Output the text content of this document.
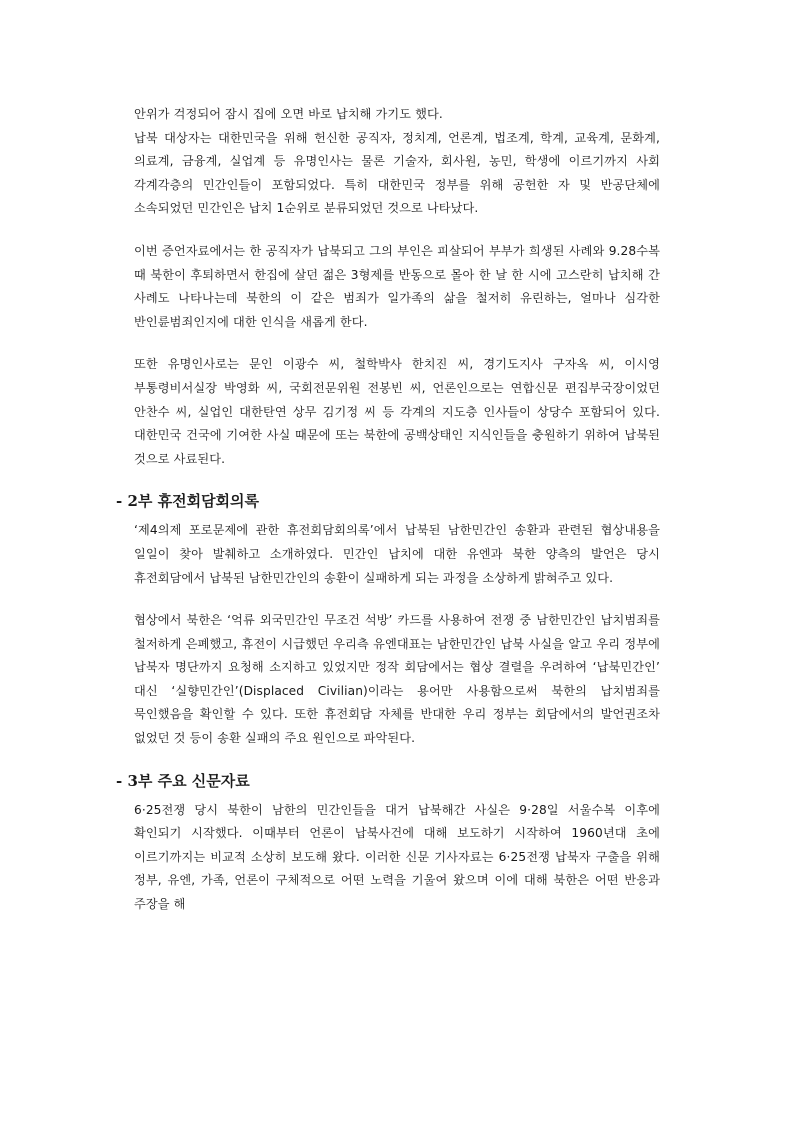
안위가 걱정되어 잠시 집에 오면 바로 납치해 가기도 했다.

납북 대상자는 대한민국을 위해 헌신한 공직자, 정치계, 언론계, 법조계, 학계, 교육계, 문화계, 의료계, 금융계, 실업계 등 유명인사는 물론 기술자, 회사원, 농민, 학생에 이르기까지 사회 각계각층의 민간인들이 포함되었다. 특히 대한민국 정부를 위해 공헌한 자 및 반공단체에 소속되었던 민간인은 납치 1순위로 분류되었던 것으로 나타났다.

이번 증언자료에서는 한 공직자가 납북되고 그의 부인은 피살되어 부부가 희생된 사례와 9.28수복 때 북한이 후퇴하면서 한집에 살던 젊은 3형제를 반동으로 몰아 한 날 한 시에 고스란히 납치해 간 사례도 나타나는데 북한의 이 같은 범죄가 일가족의 삶을 철저히 유린하는, 얼마나 심각한 반인륜범죄인지에 대한 인식을 새롭게 한다.

또한 유명인사로는 문인 이광수 씨, 철학박사 한치진 씨, 경기도지사 구자옥 씨, 이시영 부통령비서실장 박영화 씨, 국회전문위원 전봉빈 씨, 언론인으로는 연합신문 편집부국장이었던 안찬수 씨, 실업인 대한탄연 상무 김기정 씨 등 각계의 지도층 인사들이 상당수 포함되어 있다. 대한민국 건국에 기여한 사실 때문에 또는 북한에 공백상태인 지식인들을 충원하기 위하여 납북된 것으로 사료된다.

- 2부 휴전회담회의록

‘제4의제 포로문제에 관한 휴전회담회의록’에서 납북된 남한민간인 송환과 관련된 협상내용을 일일이 찾아 발췌하고 소개하였다. 민간인 납치에 대한 유엔과 북한 양측의 발언은 당시 휴전회담에서 납북된 남한민간인의 송환이 실패하게 되는 과정을 소상하게 밝혀주고 있다.

협상에서 북한은 ‘억류 외국민간인 무조건 석방’ 카드를 사용하여 전쟁 중 남한민간인 납치범죄를 철저하게 은폐했고, 휴전이 시급했던 우리측 유엔대표는 남한민간인 납북 사실을 알고 우리 정부에 납북자 명단까지 요청해 소지하고 있었지만 정작 회담에서는 협상 결렬을 우려하여 ‘납북민간인’ 대신 ‘실향민간인’(Displaced Civilian)이라는 용어만 사용함으로써 북한의 납치범죄를 묵인했음을 확인할 수 있다. 또한 휴전회담 자체를 반대한 우리 정부는 회담에서의 발언권조차 없었던 것 등이 송환 실패의 주요 원인으로 파악된다.

- 3부 주요 신문자료

6·25전쟁 당시 북한이 남한의 민간인들을 대거 납북해간 사실은 9·28일 서울수복 이후에 확인되기 시작했다. 이때부터 언론이 납북사건에 대해 보도하기 시작하여 1960년대 초에 이르기까지는 비교적 소상히 보도해 왔다. 이러한 신문 기사자료는 6·25전쟁 납북자 구출을 위해 정부, 유엔, 가족, 언론이 구체적으로 어떤 노력을 기울여 왔으며 이에 대해 북한은 어떤 반응과 주장을 해
